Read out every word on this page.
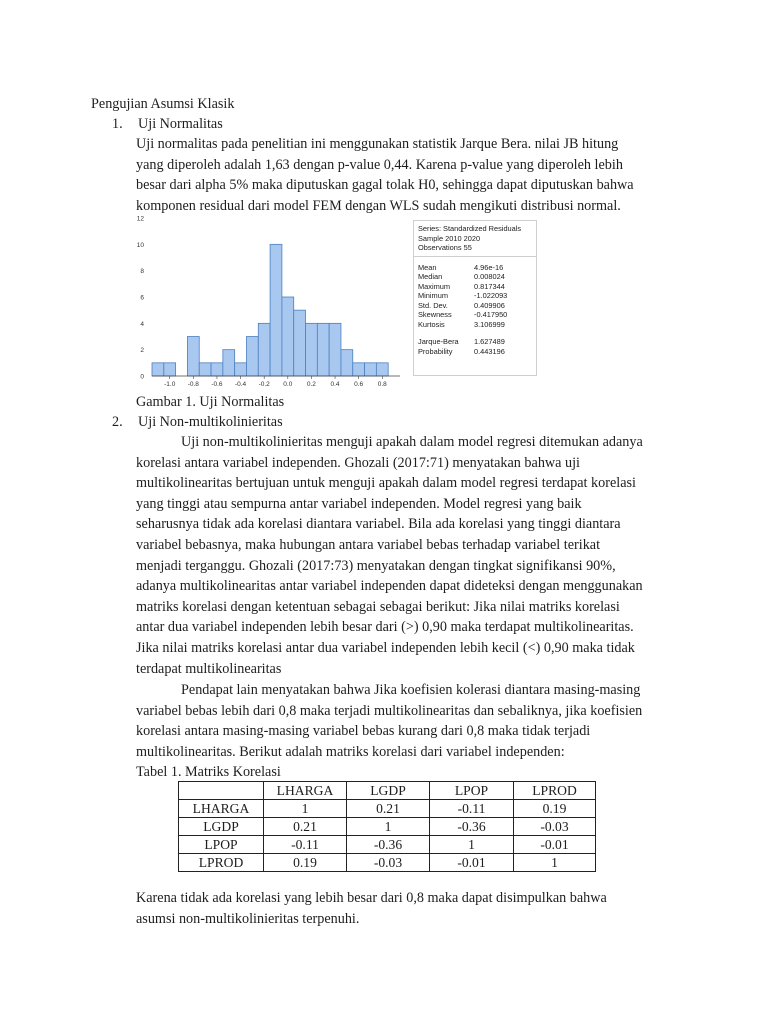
Pengujian Asumsi Klasik
1. Uji Normalitas
Uji normalitas pada penelitian ini menggunakan statistik Jarque Bera. nilai JB hitung
yang diperoleh adalah 1,63 dengan p-value 0,44. Karena p-value yang diperoleh lebih
besar dari alpha 5% maka diputuskan gagal tolak H0, sehingga dapat diputuskan bahwa
komponen residual dari model FEM dengan WLS sudah mengikuti distribusi normal.
0
2
4
6
8
10
12
-1.0 -0.8 -0.6 -0.4 -0.2 0.0 0.2 0.4 0.6 0.8
Series: Standardized Residuals
Sample 2010 2020
Observations 55
Mean	4.96e-16
Median	0.008024
Maximum	0.817344
Minimum	-1.022093
Std. Dev.	0.409906
Skewness	-0.417950
Kurtosis	3.106999
Jarque-Bera	1.627489
Probability	0.443196
Gambar 1. Uji Normalitas
2. Uji Non-multikolinieritas
Uji non-multikolinieritas menguji apakah dalam model regresi ditemukan adanya
korelasi antara variabel independen. Ghozali (2017:71) menyatakan bahwa uji
multikolinearitas bertujuan untuk menguji apakah dalam model regresi terdapat korelasi
yang tinggi atau sempurna antar variabel independen. Model regresi yang baik
seharusnya tidak ada korelasi diantara variabel. Bila ada korelasi yang tinggi diantara
variabel bebasnya, maka hubungan antara variabel bebas terhadap variabel terikat
menjadi terganggu. Ghozali (2017:73) menyatakan dengan tingkat signifikansi 90%,
adanya multikolinearitas antar variabel independen dapat dideteksi dengan menggunakan
matriks korelasi dengan ketentuan sebagai sebagai berikut: Jika nilai matriks korelasi
antar dua variabel independen lebih besar dari (>) 0,90 maka terdapat multikolinearitas.
Jika nilai matriks korelasi antar dua variabel independen lebih kecil (<) 0,90 maka tidak
terdapat multikolinearitas
Pendapat lain menyatakan bahwa Jika koefisien kolerasi diantara masing-masing
variabel bebas lebih dari 0,8 maka terjadi multikolinearitas dan sebaliknya, jika koefisien
korelasi antara masing-masing variabel bebas kurang dari 0,8 maka tidak terjadi
multikolinearitas. Berikut adalah matriks korelasi dari variabel independen:
Tabel 1. Matriks Korelasi
	LHARGA	LGDP	LPOP	LPROD
LHARGA	1	0.21	-0.11	0.19
LGDP	0.21	1	-0.36	-0.03
LPOP	-0.11	-0.36	1	-0.01
LPROD	0.19	-0.03	-0.01	1
Karena tidak ada korelasi yang lebih besar dari 0,8 maka dapat disimpulkan bahwa
asumsi non-multikolinieritas terpenuhi.
